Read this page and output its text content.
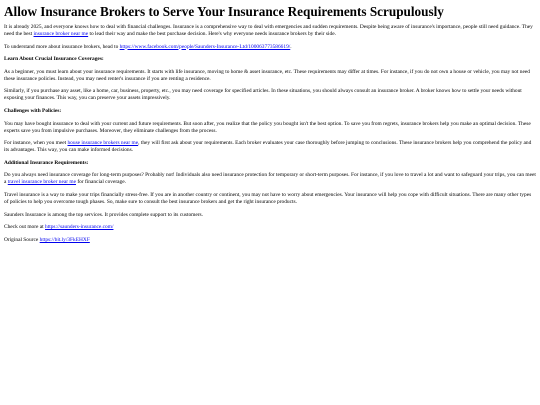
Allow Insurance Brokers to Serve Your Insurance Requirements Scrupulously

It is already 2025, and everyone knows how to deal with financial challenges. Insurance is a comprehensive way to deal with emergencies and sudden requirements. Despite being aware of insurance's importance, people still need guidance. They need the best insurance broker near me to lead their way and make the best purchase decision. Here's why everyone needs insurance brokers by their side.

To understand more about insurance brokers, head to https://www.facebook.com/people/Saunders-Insurance-Ltd/100063773586619/.

Learn About Crucial Insurance Coverages:

As a beginner, you must learn about your insurance requirements. It starts with life insurance, moving to home & asset insurance, etc. These requirements may differ at times. For instance, if you do not own a house or vehicle, you may not need these insurance policies. Instead, you may need renter's insurance if you are renting a residence.

Similarly, if you purchase any asset, like a home, car, business, property, etc., you may need coverage for specified articles. In these situations, you should always consult an insurance broker. A broker knows how to settle your needs without exposing your finances. This way, you can preserve your assets impressively.

Challenges with Policies:

You may have bought insurance to deal with your current and future requirements. But soon after, you realize that the policy you bought isn't the best option. To save you from regrets, insurance brokers help you make an optimal decision. These experts save you from impulsive purchases. Moreover, they eliminate challenges from the process.

For instance, when you meet house insurance brokers near me, they will first ask about your requirements. Each broker evaluates your case thoroughly before jumping to conclusions. These insurance brokers help you comprehend the policy and its advantages. This way, you can make informed decisions.

Additional Insurance Requirements:

Do you always need insurance coverage for long-term purposes? Probably not! Individuals also need insurance protection for temporary or short-term purposes. For instance, if you love to travel a lot and want to safeguard your trips, you can meet a travel insurance broker near me for financial coverage.

Travel insurance is a way to make your trips financially stress-free. If you are in another country or continent, you may not have to worry about emergencies. Your insurance will help you cope with difficult situations. There are many other types of policies to help you overcome tough phases. So, make sure to consult the best insurance brokers and get the right insurance products.

Saunders Insurance is among the top services. It provides complete support to its customers.

Check out more at https://saunders-insurance.com/

Original Source https://bit.ly/3FkEHXF
